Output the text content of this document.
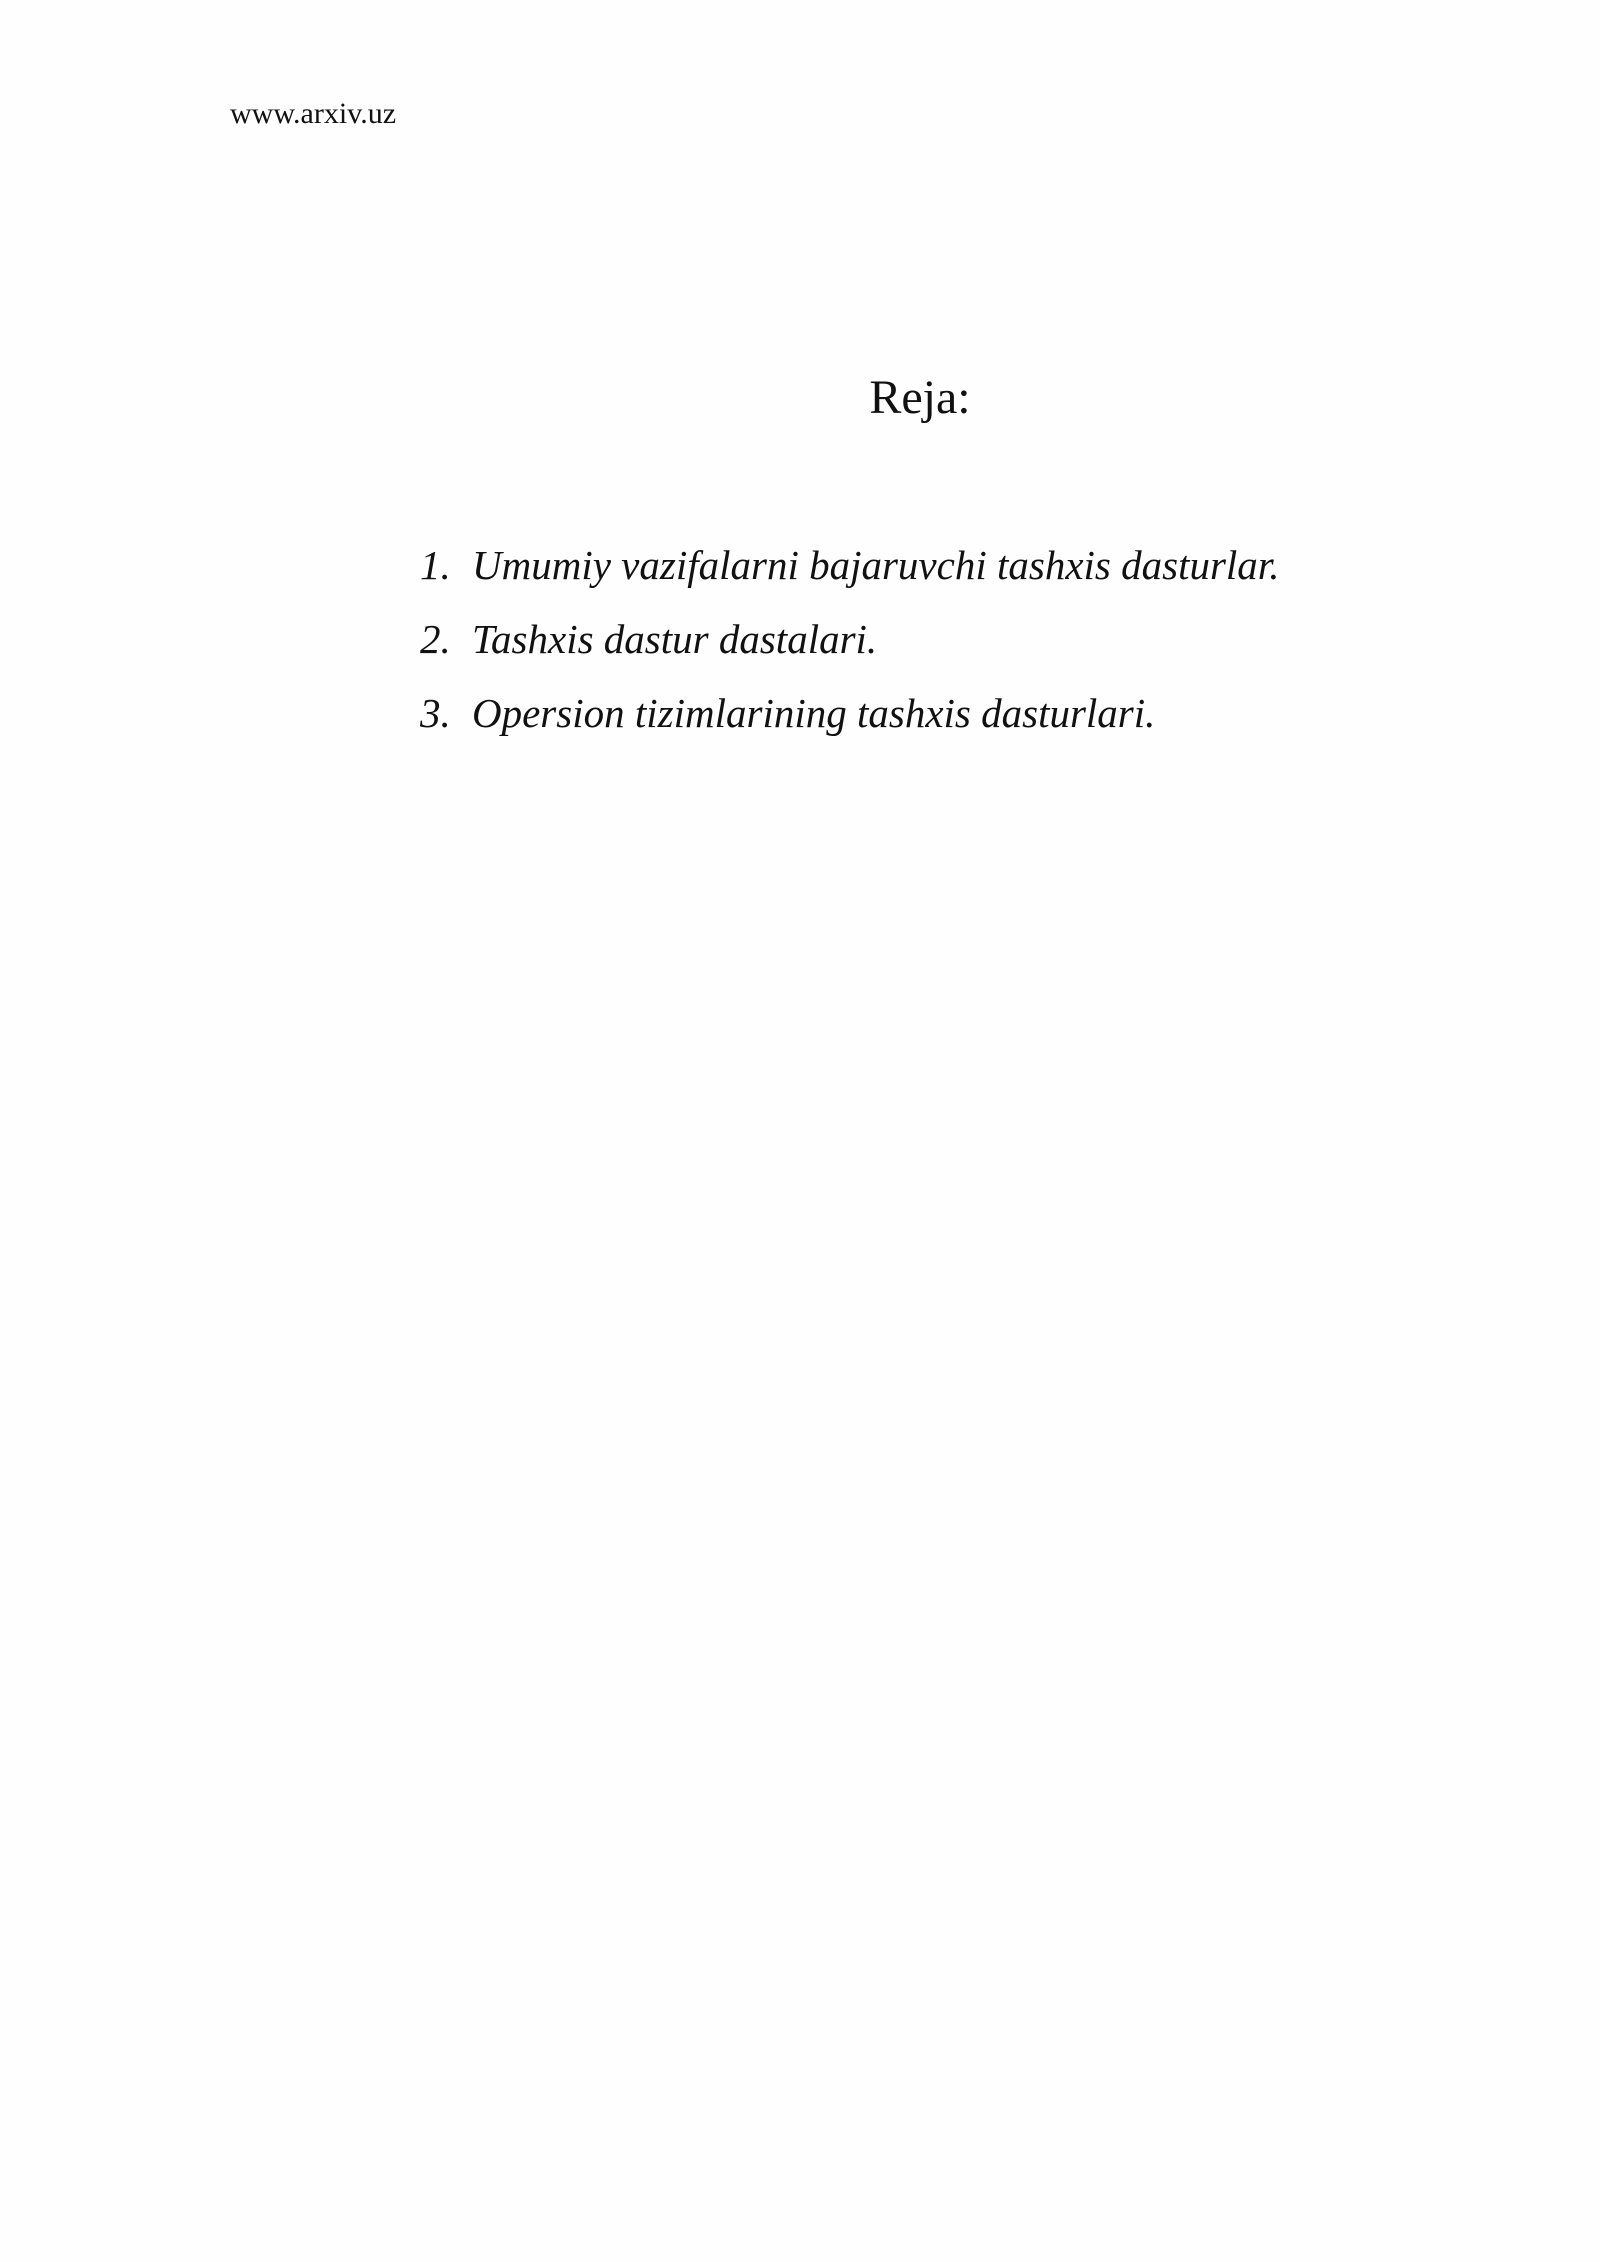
www.arxiv.uz
Reja:
1. Umumiy vazifalarni bajaruvchi tashxis dasturlar.
2. Tashxis dastur dastalari.
3. Opersion tizimlarining tashxis dasturlari.
